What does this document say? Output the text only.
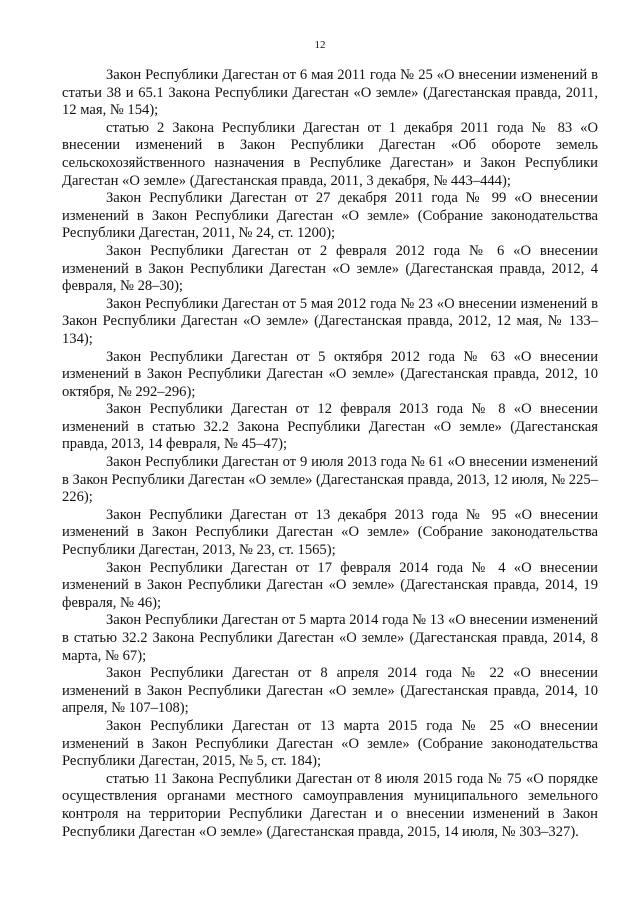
12

Закон Республики Дагестан от 6 мая 2011 года № 25 «О внесении изменений в статьи 38 и 65.1 Закона Республики Дагестан «О земле» (Дагестанская правда, 2011, 12 мая, № 154);

статью 2 Закона Республики Дагестан от 1 декабря 2011 года № 83 «О внесении изменений в Закон Республики Дагестан «Об обороте земель сельскохозяйственного назначения в Республике Дагестан» и Закон Республики Дагестан «О земле» (Дагестанская правда, 2011, 3 декабря, № 443–444);

Закон Республики Дагестан от 27 декабря 2011 года № 99 «О внесении изменений в Закон Республики Дагестан «О земле» (Собрание законодательства Республики Дагестан, 2011, № 24, ст. 1200);

Закон Республики Дагестан от 2 февраля 2012 года № 6 «О внесении изменений в Закон Республики Дагестан «О земле» (Дагестанская правда, 2012, 4 февраля, № 28–30);

Закон Республики Дагестан от 5 мая 2012 года № 23 «О внесении изменений в Закон Республики Дагестан «О земле» (Дагестанская правда, 2012, 12 мая, № 133–134);

Закон Республики Дагестан от 5 октября 2012 года № 63 «О внесении изменений в Закон Республики Дагестан «О земле» (Дагестанская правда, 2012, 10 октября, № 292–296);

Закон Республики Дагестан от 12 февраля 2013 года № 8 «О внесении изменений в статью 32.2 Закона Республики Дагестан «О земле» (Дагестанская правда, 2013, 14 февраля, № 45–47);

Закон Республики Дагестан от 9 июля 2013 года № 61 «О внесении изменений в Закон Республики Дагестан «О земле» (Дагестанская правда, 2013, 12 июля, № 225–226);

Закон Республики Дагестан от 13 декабря 2013 года № 95 «О внесении изменений в Закон Республики Дагестан «О земле» (Собрание законодательства Республики Дагестан, 2013, № 23, ст. 1565);

Закон Республики Дагестан от 17 февраля 2014 года № 4 «О внесении изменений в Закон Республики Дагестан «О земле» (Дагестанская правда, 2014, 19 февраля, № 46);

Закон Республики Дагестан от 5 марта 2014 года № 13 «О внесении изменений в статью 32.2 Закона Республики Дагестан «О земле» (Дагестанская правда, 2014, 8 марта, № 67);

Закон Республики Дагестан от 8 апреля 2014 года № 22 «О внесении изменений в Закон Республики Дагестан «О земле» (Дагестанская правда, 2014, 10 апреля, № 107–108);

Закон Республики Дагестан от 13 марта 2015 года № 25 «О внесении изменений в Закон Республики Дагестан «О земле» (Собрание законодательства Республики Дагестан, 2015, № 5, ст. 184);

статью 11 Закона Республики Дагестан от 8 июля 2015 года № 75 «О порядке осуществления органами местного самоуправления муниципального земельного контроля на территории Республики Дагестан и о внесении изменений в Закон Республики Дагестан «О земле» (Дагестанская правда, 2015, 14 июля, № 303–327).
